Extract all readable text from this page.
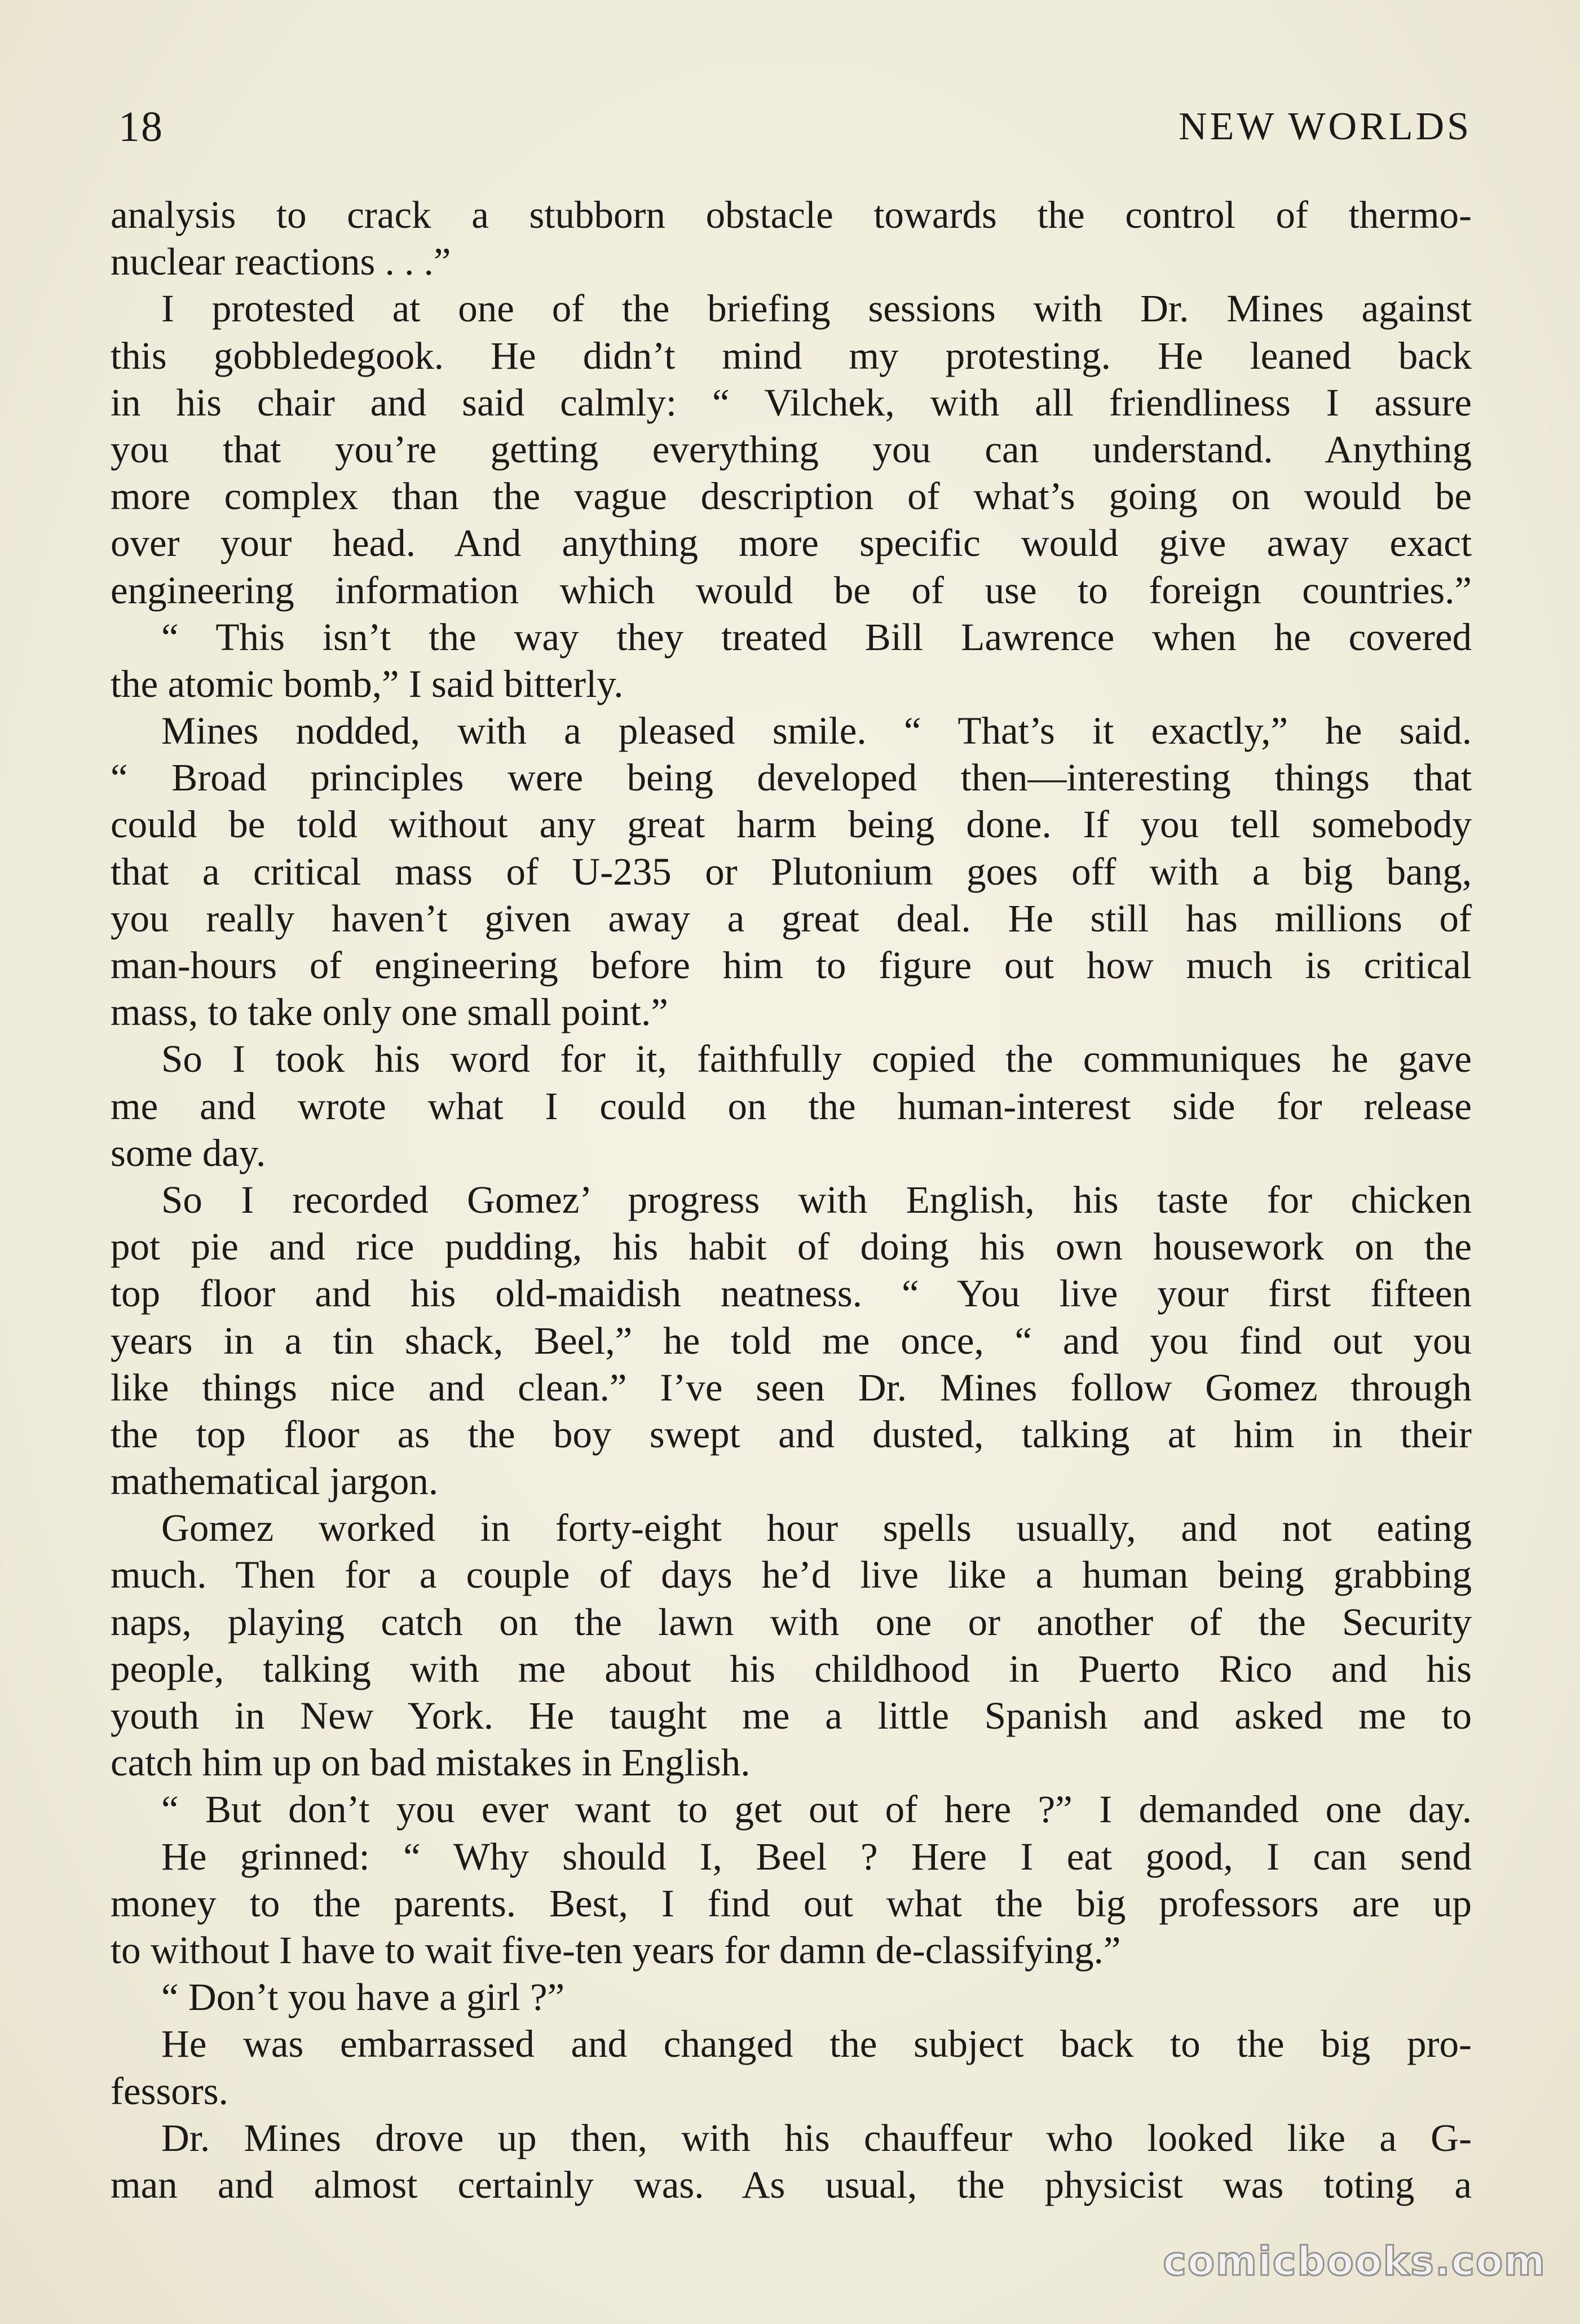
18	NEW WORLDS
analysis to crack a stubborn obstacle towards the control of thermo-
nuclear reactions . . .”
I protested at one of the briefing sessions with Dr. Mines against
this gobbledegook. He didn’t mind my protesting. He leaned back
in his chair and said calmly: “ Vilchek, with all friendliness I assure
you that you’re getting everything you can understand. Anything
more complex than the vague description of what’s going on would be
over your head. And anything more specific would give away exact
engineering information which would be of use to foreign countries.”
“ This isn’t the way they treated Bill Lawrence when he covered
the atomic bomb,” I said bitterly.
Mines nodded, with a pleased smile. “ That’s it exactly,” he said.
“ Broad principles were being developed then—interesting things that
could be told without any great harm being done. If you tell somebody
that a critical mass of U-235 or Plutonium goes off with a big bang,
you really haven’t given away a great deal. He still has millions of
man-hours of engineering before him to figure out how much is critical
mass, to take only one small point.”
So I took his word for it, faithfully copied the communiques he gave
me and wrote what I could on the human-interest side for release
some day.
So I recorded Gomez’ progress with English, his taste for chicken
pot pie and rice pudding, his habit of doing his own housework on the
top floor and his old-maidish neatness. “ You live your first fifteen
years in a tin shack, Beel,” he told me once, “ and you find out you
like things nice and clean.” I’ve seen Dr. Mines follow Gomez through
the top floor as the boy swept and dusted, talking at him in their
mathematical jargon.
Gomez worked in forty-eight hour spells usually, and not eating
much. Then for a couple of days he’d live like a human being grabbing
naps, playing catch on the lawn with one or another of the Security
people, talking with me about his childhood in Puerto Rico and his
youth in New York. He taught me a little Spanish and asked me to
catch him up on bad mistakes in English.
“ But don’t you ever want to get out of here ?” I demanded one day.
He grinned: “ Why should I, Beel ? Here I eat good, I can send
money to the parents. Best, I find out what the big professors are up
to without I have to wait five-ten years for damn de-classifying.”
“ Don’t you have a girl ?”
He was embarrassed and changed the subject back to the big pro-
fessors.
Dr. Mines drove up then, with his chauffeur who looked like a G-
man and almost certainly was. As usual, the physicist was toting a
comicbooks.com
